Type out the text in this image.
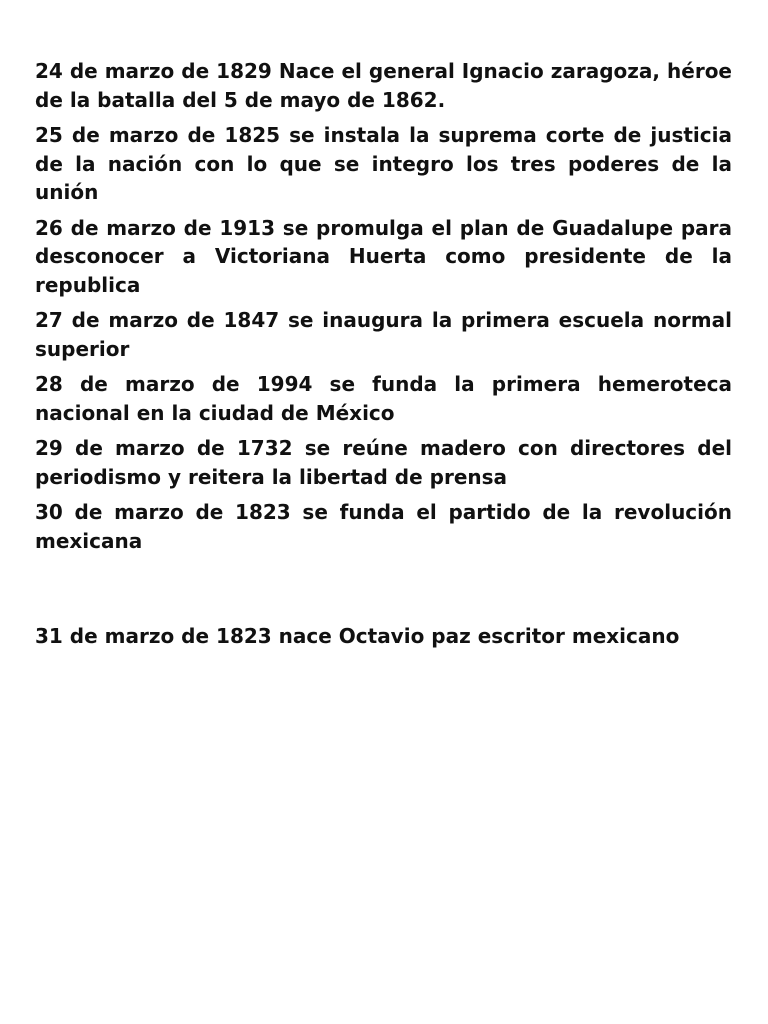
24 de marzo de 1829 Nace el general Ignacio zaragoza, héroe de la batalla del 5 de mayo de 1862.

25 de marzo de 1825 se instala la suprema corte de justicia de la nación con lo que se integro los tres poderes de la unión

26 de marzo de 1913 se promulga el plan de Guadalupe para desconocer a Victoriana Huerta como presidente de la republica

27 de marzo de 1847 se inaugura la primera escuela normal superior

28 de marzo de 1994 se funda la primera hemeroteca nacional en la ciudad de México

29 de marzo de 1732 se reúne madero con directores del periodismo y reitera la libertad de prensa

30 de marzo de 1823 se funda el partido de la revolución mexicana

31 de marzo de 1823 nace Octavio paz escritor mexicano
